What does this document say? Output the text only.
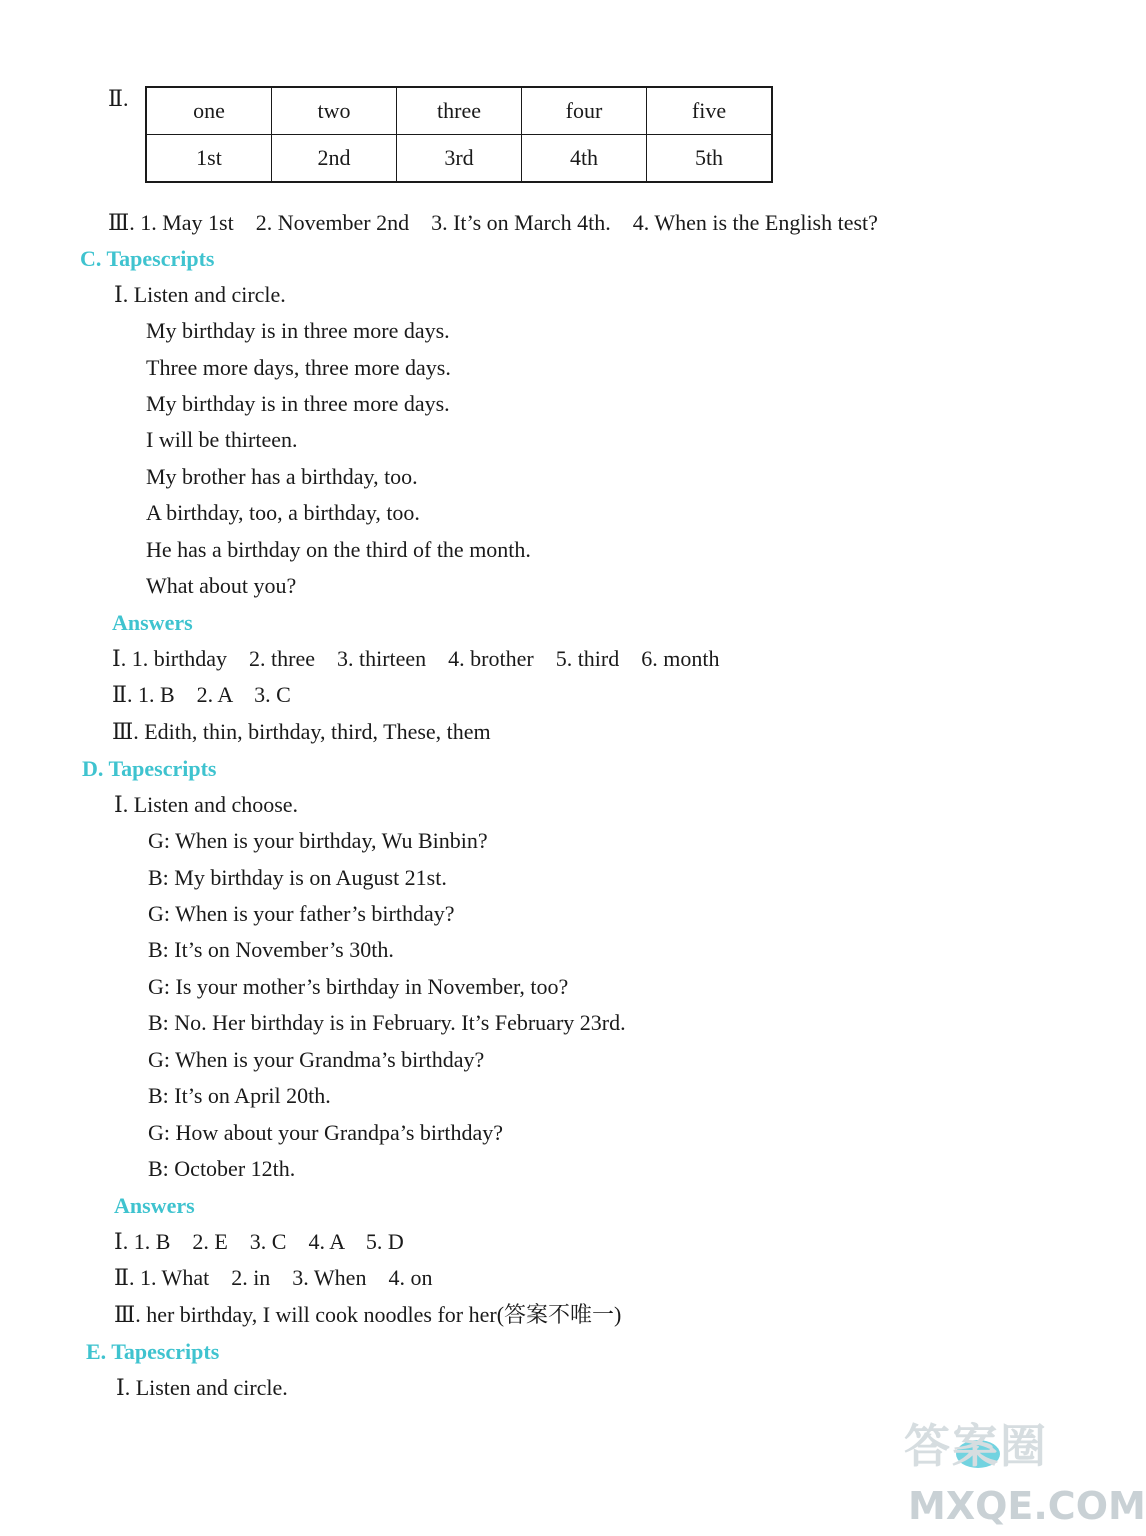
Ⅱ.	one	two	three	four	five
1st	2nd	3rd	4th	5th
Ⅲ. 1. May 1st    2. November 2nd    3. It’s on March 4th.    4. When is the English test?
C. Tapescripts
Ⅰ. Listen and circle.
My birthday is in three more days.
Three more days, three more days.
My birthday is in three more days.
I will be thirteen.
My brother has a birthday, too.
A birthday, too, a birthday, too.
He has a birthday on the third of the month.
What about you?
Answers
Ⅰ. 1. birthday    2. three    3. thirteen    4. brother    5. third    6. month
Ⅱ. 1. B    2. A    3. C
Ⅲ. Edith, thin, birthday, third, These, them
D. Tapescripts
Ⅰ. Listen and choose.
G: When is your birthday, Wu Binbin?
B: My birthday is on August 21st.
G: When is your father’s birthday?
B: It’s on November’s 30th.
G: Is your mother’s birthday in November, too?
B: No. Her birthday is in February. It’s February 23rd.
G: When is your Grandma’s birthday?
B: It’s on April 20th.
G: How about your Grandpa’s birthday?
B: October 12th.
Answers
Ⅰ. 1. B    2. E    3. C    4. A    5. D
Ⅱ. 1. What    2. in    3. When    4. on
Ⅲ. her birthday, I will cook noodles for her(答案不唯一)
E. Tapescripts
Ⅰ. Listen and circle.
答案圈
MXQE.COM
